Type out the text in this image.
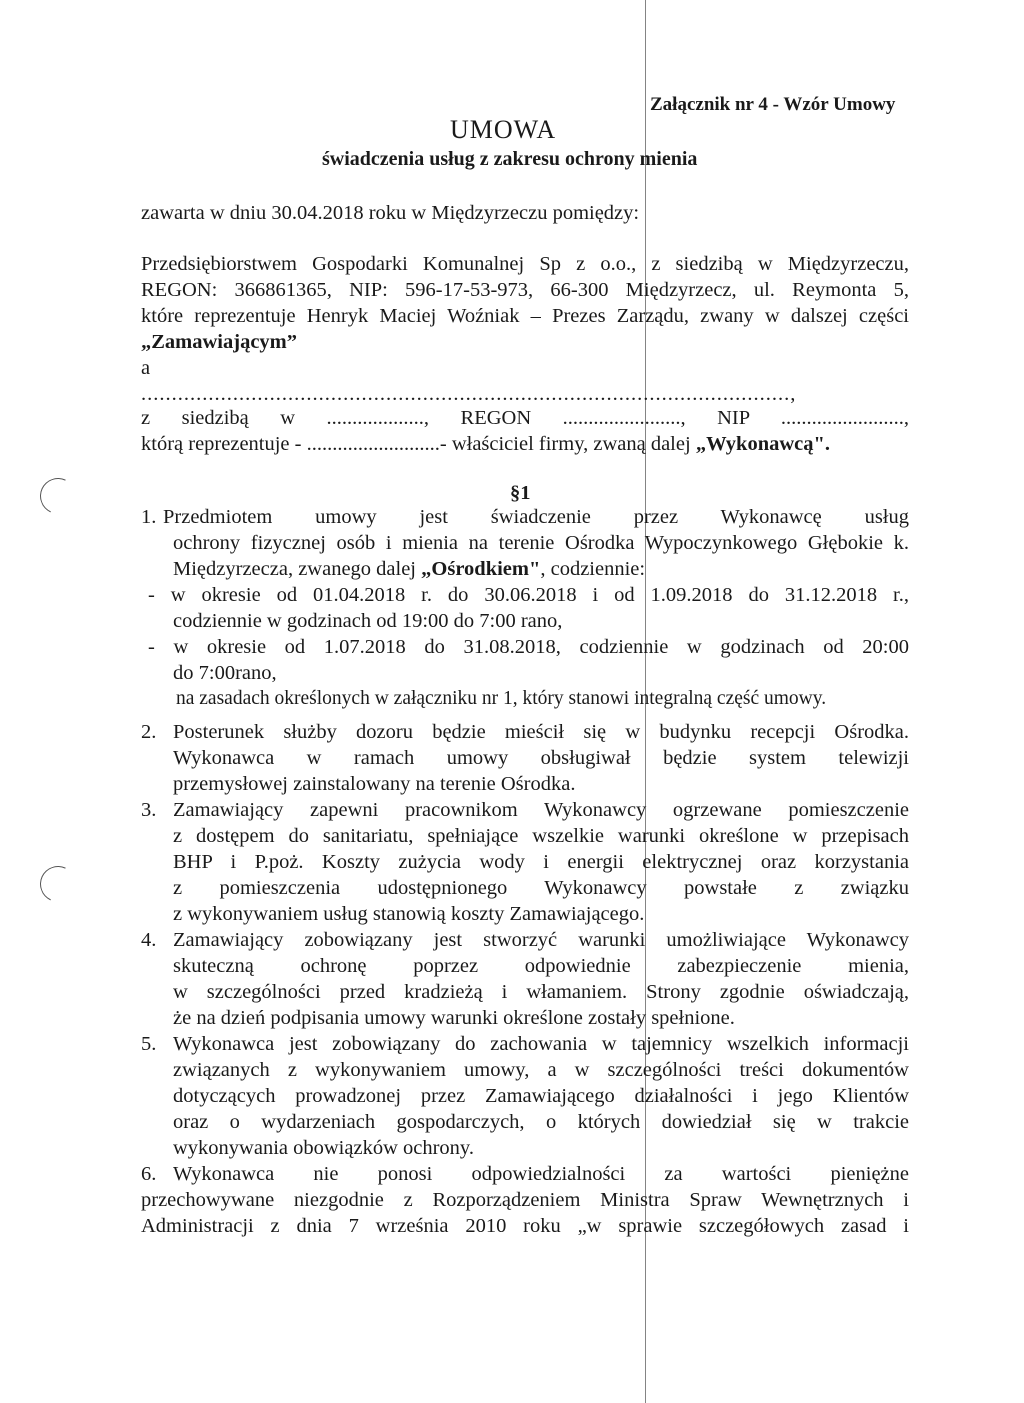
Załącznik nr 4 - Wzór Umowy
UMOWA
świadczenia usług z zakresu ochrony mienia
zawarta w dniu 30.04.2018 roku w Międzyrzeczu pomiędzy:
Przedsiębiorstwem Gospodarki Komunalnej Sp z o.o., z siedzibą w Międzyrzeczu,
REGON: 366861365, NIP: 596-17-53-973, 66-300 Międzyrzecz, ul. Reymonta 5,
które reprezentuje Henryk Maciej Woźniak – Prezes Zarządu, zwany w dalszej części
„Zamawiającym”
a
..........................................................................................................,
z siedzibą w ..................., REGON ......................., NIP ........................,
którą reprezentuje - ..........................- właściciel firmy, zwaną dalej „Wykonawcą".
§1
1. Przedmiotem umowy jest świadczenie przez Wykonawcę usług
ochrony fizycznej osób i mienia na terenie Ośrodka Wypoczynkowego Głębokie k.
Międzyrzecza, zwanego dalej „Ośrodkiem", codziennie:
- w okresie od 01.04.2018 r. do 30.06.2018 i od 1.09.2018 do 31.12.2018 r.,
codziennie w godzinach od 19:00 do 7:00 rano,
- w okresie od 1.07.2018 do 31.08.2018, codziennie w godzinach od 20:00
do 7:00rano,
na zasadach określonych w załączniku nr 1, który stanowi integralną część umowy.
2. Posterunek służby dozoru będzie mieścił się w budynku recepcji Ośrodka.
Wykonawca w ramach umowy obsługiwał będzie system telewizji
przemysłowej zainstalowany na terenie Ośrodka.
3. Zamawiający zapewni pracownikom Wykonawcy ogrzewane pomieszczenie
z dostępem do sanitariatu, spełniające wszelkie warunki określone w przepisach
BHP i P.poż. Koszty zużycia wody i energii elektrycznej oraz korzystania
z pomieszczenia udostępnionego Wykonawcy powstałe z związku
z wykonywaniem usług stanowią koszty Zamawiającego.
4. Zamawiający zobowiązany jest stworzyć warunki umożliwiające Wykonawcy
skuteczną ochronę poprzez odpowiednie zabezpieczenie mienia,
w szczególności przed kradzieżą i włamaniem. Strony zgodnie oświadczają,
że na dzień podpisania umowy warunki określone zostały spełnione.
5. Wykonawca jest zobowiązany do zachowania w tajemnicy wszelkich informacji
związanych z wykonywaniem umowy, a w szczególności treści dokumentów
dotyczących prowadzonej przez Zamawiającego działalności i jego Klientów
oraz o wydarzeniach gospodarczych, o których dowiedział się w trakcie
wykonywania obowiązków ochrony.
6. Wykonawca nie ponosi odpowiedzialności za wartości pieniężne
przechowywane niezgodnie z Rozporządzeniem Ministra Spraw Wewnętrznych i
Administracji z dnia 7 września 2010 roku „w sprawie szczegółowych zasad i
